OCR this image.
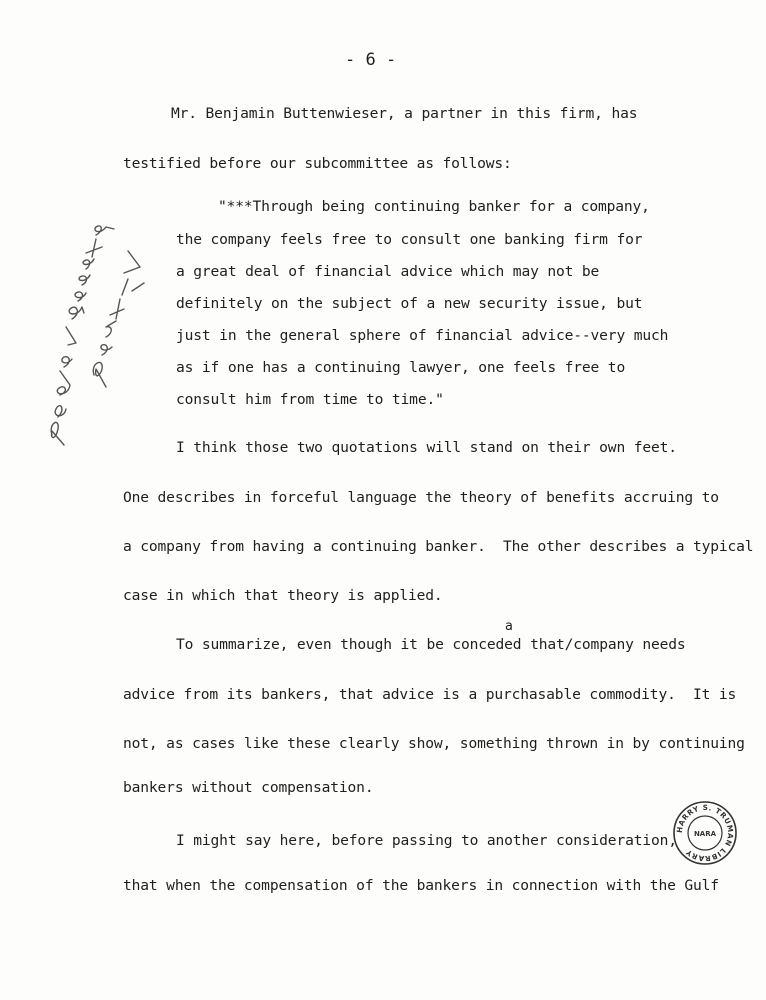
- 6 -
Mr. Benjamin Buttenwieser, a partner in this firm, has
testified before our subcommittee as follows:
"***Through being continuing banker for a company,
the company feels free to consult one banking firm for
a great deal of financial advice which may not be
definitely on the subject of a new security issue, but
just in the general sphere of financial advice--very much
as if one has a continuing lawyer, one feels free to
consult him from time to time."
I think those two quotations will stand on their own feet.
One describes in forceful language the theory of benefits accruing to
a company from having a continuing banker.  The other describes a typical
case in which that theory is applied.
a
To summarize, even though it be conceded that/company needs
advice from its bankers, that advice is a purchasable commodity.  It is
not, as cases like these clearly show, something thrown in by continuing
bankers without compensation.
I might say here, before passing to another consideration,
that when the compensation of the bankers in connection with the Gulf
HARRY S. TRUMAN LIBRARY
NARA
